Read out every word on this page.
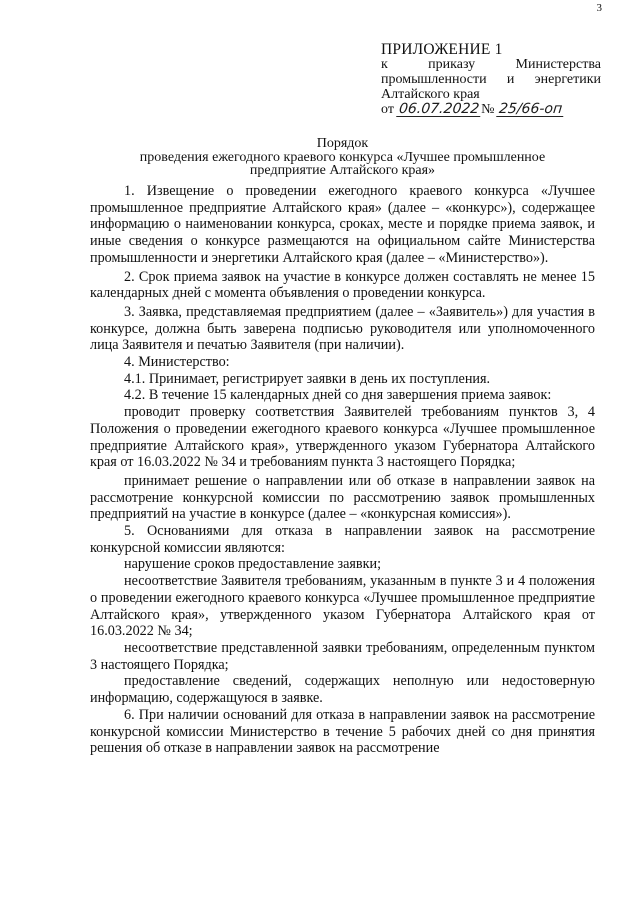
3
ПРИЛОЖЕНИЕ 1
к приказу Министерства
промышленности и энергетики
Алтайского края
от 06.07.2022 № 25/66-оп
Порядок
проведения ежегодного краевого конкурса «Лучшее промышленное
предприятие Алтайского края»

1. Извещение о проведении ежегодного краевого конкурса «Лучшее промышленное предприятие Алтайского края» (далее – «конкурс»), содержащее информацию о наименовании конкурса, сроках, месте и порядке приема заявок, и иные сведения о конкурсе размещаются на официальном сайте Министерства промышленности и энергетики Алтайского края (далее – «Министерство»).

2. Срок приема заявок на участие в конкурсе должен составлять не менее 15 календарных дней с момента объявления о проведении конкурса.

3. Заявка, представляемая предприятием (далее – «Заявитель») для участия в конкурсе, должна быть заверена подписью руководителя или уполномоченного лица Заявителя и печатью Заявителя (при наличии).

4. Министерство:

4.1. Принимает, регистрирует заявки в день их поступления.

4.2. В течение 15 календарных дней со дня завершения приема заявок:

проводит проверку соответствия Заявителей требованиям пунктов 3, 4 Положения о проведении ежегодного краевого конкурса «Лучшее промышленное предприятие Алтайского края», утвержденного указом Губернатора Алтайского края от 16.03.2022 № 34 и требованиям пункта 3 настоящего Порядка;

принимает решение о направлении или об отказе в направлении заявок на рассмотрение конкурсной комиссии по рассмотрению заявок промышленных предприятий на участие в конкурсе (далее – «конкурсная комиссия»).

5. Основаниями для отказа в направлении заявок на рассмотрение конкурсной комиссии являются:

нарушение сроков предоставление заявки;

несоответствие Заявителя требованиям, указанным в пункте 3 и 4 положения о проведении ежегодного краевого конкурса «Лучшее промышленное предприятие Алтайского края», утвержденного указом Губернатора Алтайского края от 16.03.2022 № 34;

несоответствие представленной заявки требованиям, определенным пунктом 3 настоящего Порядка;

предоставление сведений, содержащих неполную или недостоверную информацию, содержащуюся в заявке.

6. При наличии оснований для отказа в направлении заявок на рассмотрение конкурсной комиссии Министерство в течение 5 рабочих дней со дня принятия решения об отказе в направлении заявок на рассмотрение
